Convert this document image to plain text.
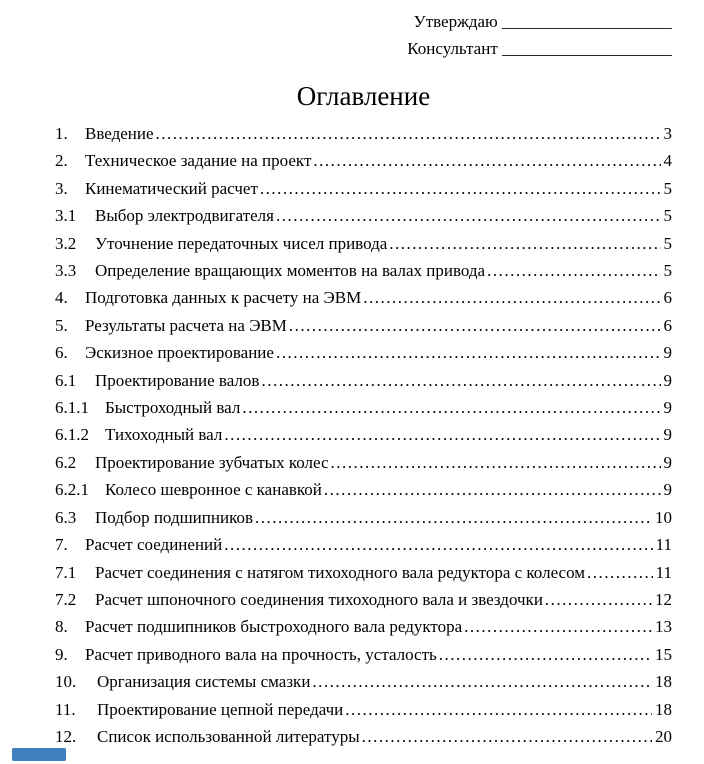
Утверждаю ____________________
Консультант ____________________
Оглавление
1.	Введение .....	3
2.	Техническое задание на проект .....	4
3.	Кинематический расчет .....	5
3.1	Выбор электродвигателя .....	5
3.2	Уточнение передаточных чисел привода .....	5
3.3	Определение вращающих моментов на валах привода .....	5
4.	Подготовка данных к расчету на ЭВМ .....	6
5.	Результаты расчета на ЭВМ .....	6
6.	Эскизное проектирование .....	9
6.1	Проектирование валов .....	9
6.1.1 Быстроходный вал .....	9
6.1.2 Тихоходный вал .....	9
6.2	Проектирование зубчатых колес .....	9
6.2.1 Колесо шевронное с канавкой .....	9
6.3	Подбор подшипников .....	10
7.	Расчет соединений .....	11
7.1	Расчет соединения с натягом тихоходного вала редуктора с колесом .....	11
7.2	Расчет шпоночного соединения тихоходного вала и звездочки .....	12
8.	Расчет подшипников быстроходного вала редуктора .....	13
9.	Расчет приводного вала на прочность, усталость .....	15
10.	Организация системы смазки .....	18
11.	Проектирование цепной передачи .....	18
12.	Список использованной литературы .....	20
